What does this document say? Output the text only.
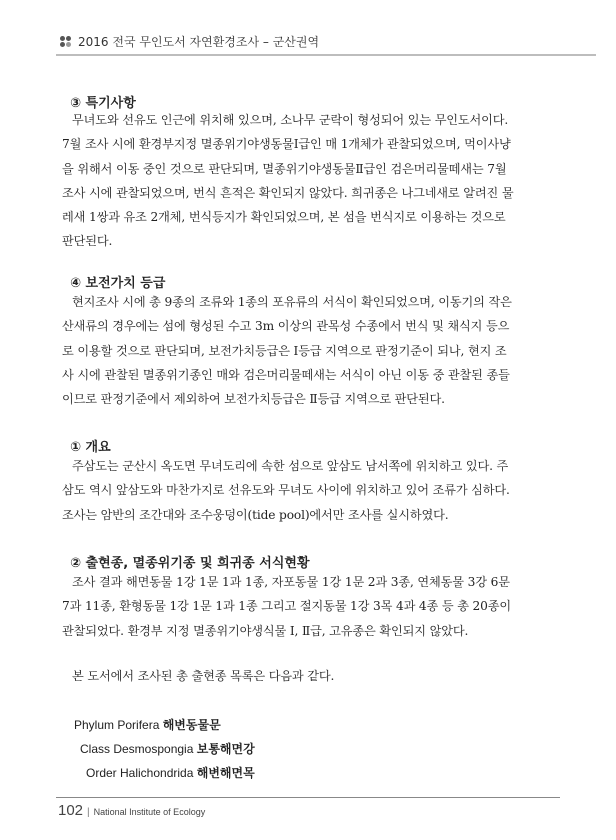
2016 전국 무인도서 자연환경조사 – 군산권역
③ 특기사항
무녀도와 선유도 인근에 위치해 있으며, 소나무 군락이 형성되어 있는 무인도서이다.
7월 조사 시에 환경부지정 멸종위기야생동물Ⅰ급인 매 1개체가 관찰되었으며, 먹이사냥
을 위해서 이동 중인 것으로 판단되며, 멸종위기야생동물Ⅱ급인 검은머리물떼새는 7월
조사 시에 관찰되었으며, 번식 흔적은 확인되지 않았다. 희귀종은 나그네새로 알려진 물
레새 1쌍과 유조 2개체, 번식등지가 확인되었으며, 본 섬을 번식지로 이용하는 것으로
판단된다.
④ 보전가치 등급
현지조사 시에 총 9종의 조류와 1종의 포유류의 서식이 확인되었으며, 이동기의 작은
산새류의 경우에는 섬에 형성된 수고 3m 이상의 관목성 수종에서 번식 및 채식지 등으
로 이용할 것으로 판단되며, 보전가치등급은 Ⅰ등급 지역으로 판정기준이 되나, 현지 조
사 시에 관찰된 멸종위기종인 매와 검은머리물떼새는 서식이 아닌 이동 중 관찰된 종들
이므로 판정기준에서 제외하여 보전가치등급은 Ⅱ등급 지역으로 판단된다.
① 개요
주삼도는 군산시 옥도면 무녀도리에 속한 섬으로 앞삼도 남서쪽에 위치하고 있다. 주
삼도 역시 앞삼도와 마찬가지로 선유도와 무녀도 사이에 위치하고 있어 조류가 심하다.
조사는 암반의 조간대와 조수웅덩이(tide pool)에서만 조사를 실시하였다.
② 출현종, 멸종위기종 및 희귀종 서식현황
조사 결과 해면동물 1강 1문 1과 1종, 자포동물 1강 1문 2과 3종, 연체동물 3강 6문
7과 11종, 환형동물 1강 1문 1과 1종 그리고 절지동물 1강 3목 4과 4종 등 총 20종이
관찰되었다. 환경부 지정 멸종위기야생식물 Ⅰ, Ⅱ급, 고유종은 확인되지 않았다.
본 도서에서 조사된 총 출현종 목록은 다음과 같다.
Phylum Porifera 해변동물문
Class Desmospongia 보통해면강
Order Halichondrida 해변해면목
102 | National Institute of Ecology
